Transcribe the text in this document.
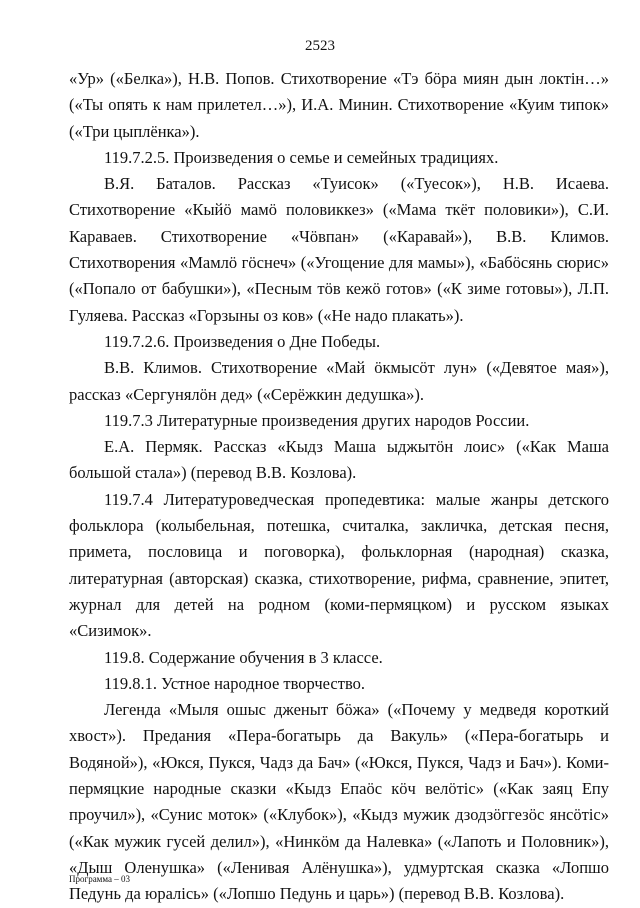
2523

«Ур» («Белка»), Н.В. Попов. Стихотворение «Тэ бöра миян дын локтiн…» («Ты опять к нам прилетел…»), И.А. Минин. Стихотворение «Куим типок» («Три цыплёнка»).

119.7.2.5. Произведения о семье и семейных традициях.

В.Я. Баталов. Рассказ «Туисок» («Туесок»), Н.В. Исаева. Стихотворение «Кыйö мамö половиккез» («Мама ткёт половики»), С.И. Караваев. Стихотворение «Чöвпан» («Каравай»), В.В. Климов. Стихотворения «Мамлö гöснеч» («Угощение для мамы»), «Бабöсянь сюрис» («Попало от бабушки»), «Песным тöв кежö готов» («К зиме готовы»), Л.П. Гуляева. Рассказ «Горзыны оз ков» («Не надо плакать»).

119.7.2.6. Произведения о Дне Победы.

В.В. Климов. Стихотворение «Май öкмысöт лун» («Девятое мая»), рассказ «Сергунялöн дед» («Серёжкин дедушка»).

119.7.3 Литературные произведения других народов России.

Е.А. Пермяк. Рассказ «Кыдз Маша ыджытöн лоис» («Как Маша большой стала») (перевод В.В. Козлова).

119.7.4 Литературоведческая пропедевтика: малые жанры детского фольклора (колыбельная, потешка, считалка, закличка, детская песня, примета, пословица и поговорка), фольклорная (народная) сказка, литературная (авторская) сказка, стихотворение, рифма, сравнение, эпитет, журнал для детей на родном (коми-пермяцком) и русском языках «Сизимок».

119.8. Содержание обучения в 3 классе.

119.8.1. Устное народное творчество.

Легенда «Мыля ошыс дженыт бöжа» («Почему у медведя короткий хвост»). Предания «Пера-богатырь да Вакуль» («Пера-богатырь и Водяной»), «Юкся, Пукся, Чадз да Бач» («Юкся, Пукся, Чадз и Бач»). Коми-пермяцкие народные сказки «Кыдз Епаöс кöч велöтiс» («Как заяц Епу проучил»), «Сунис моток» («Клубок»), «Кыдз мужик дзодзöггезöс янсöтiс» («Как мужик гусей делил»), «Нинкöм да Налевка» («Лапоть и Половник»), «Дыш Оленушка» («Ленивая Алёнушка»), удмуртская сказка «Лопшо Педунь да юралiсь» («Лопшо Педунь и царь») (перевод В.В. Козлова).

Программа – 03
